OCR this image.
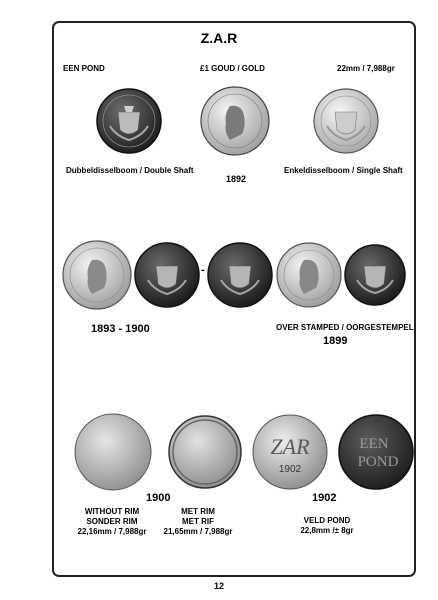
Z.A.R
EEN POND	£1 GOUD / GOLD	22mm / 7,988gr
Dubbeldisselboom / Double Shaft
1892
Enkeldisselboom / Single Shaft
-
1893 - 1900	OVER STAMPED / OORGESTEMPEL
1899
ZAR
1902
EEN
POND
1900	1902
WITHOUT RIM
SONDER RIM
22,16mm / 7,988gr
MET RIM
MET RIF
21,65mm / 7,988gr
VELD POND
22,8mm /± 8gr
12
